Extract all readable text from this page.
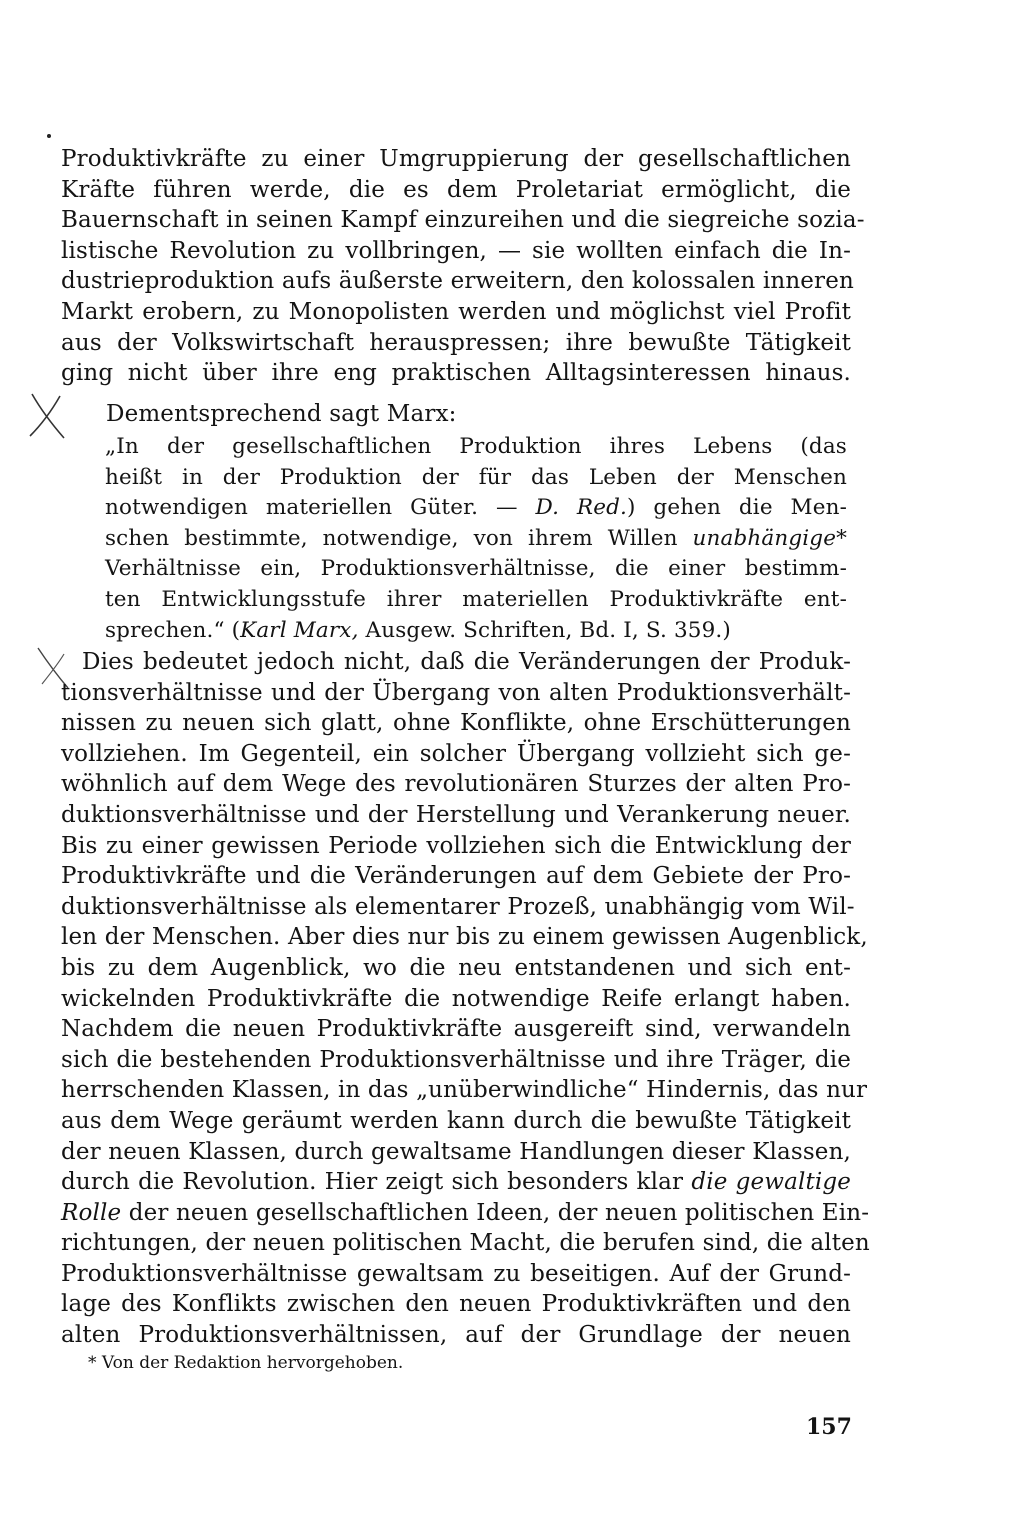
Produktivkräfte zu einer Umgruppierung der gesellschaftlichen
Kräfte führen werde, die es dem Proletariat ermöglicht, die
Bauernschaft in seinen Kampf einzureihen und die siegreiche sozia-
listische Revolution zu vollbringen, — sie wollten einfach die In-
dustrieproduktion aufs äußerste erweitern, den kolossalen inneren
Markt erobern, zu Monopolisten werden und möglichst viel Profit
aus der Volkswirtschaft herauspressen; ihre bewußte Tätigkeit
ging nicht über ihre eng praktischen Alltagsinteressen hinaus.
Dementsprechend sagt Marx:
„In der gesellschaftlichen Produktion ihres Lebens (das
heißt in der Produktion der für das Leben der Menschen
notwendigen materiellen Güter. — D. Red.) gehen die Men-
schen bestimmte, notwendige, von ihrem Willen unabhängige*
Verhältnisse ein, Produktionsverhältnisse, die einer bestimm-
ten Entwicklungsstufe ihrer materiellen Produktivkräfte ent-
sprechen.“ (Karl Marx, Ausgew. Schriften, Bd. I, S. 359.)
Dies bedeutet jedoch nicht, daß die Veränderungen der Produk-
tionsverhältnisse und der Übergang von alten Produktionsverhält-
nissen zu neuen sich glatt, ohne Konflikte, ohne Erschütterungen
vollziehen. Im Gegenteil, ein solcher Übergang vollzieht sich ge-
wöhnlich auf dem Wege des revolutionären Sturzes der alten Pro-
duktionsverhältnisse und der Herstellung und Verankerung neuer.
Bis zu einer gewissen Periode vollziehen sich die Entwicklung der
Produktivkräfte und die Veränderungen auf dem Gebiete der Pro-
duktionsverhältnisse als elementarer Prozeß, unabhängig vom Wil-
len der Menschen. Aber dies nur bis zu einem gewissen Augenblick,
bis zu dem Augenblick, wo die neu entstandenen und sich ent-
wickelnden Produktivkräfte die notwendige Reife erlangt haben.
Nachdem die neuen Produktivkräfte ausgereift sind, verwandeln
sich die bestehenden Produktionsverhältnisse und ihre Träger, die
herrschenden Klassen, in das „unüberwindliche“ Hindernis, das nur
aus dem Wege geräumt werden kann durch die bewußte Tätigkeit
der neuen Klassen, durch gewaltsame Handlungen dieser Klassen,
durch die Revolution. Hier zeigt sich besonders klar die gewaltige
Rolle der neuen gesellschaftlichen Ideen, der neuen politischen Ein-
richtungen, der neuen politischen Macht, die berufen sind, die alten
Produktionsverhältnisse gewaltsam zu beseitigen. Auf der Grund-
lage des Konflikts zwischen den neuen Produktivkräften und den
alten Produktionsverhältnissen, auf der Grundlage der neuen
* Von der Redaktion hervorgehoben.
157
